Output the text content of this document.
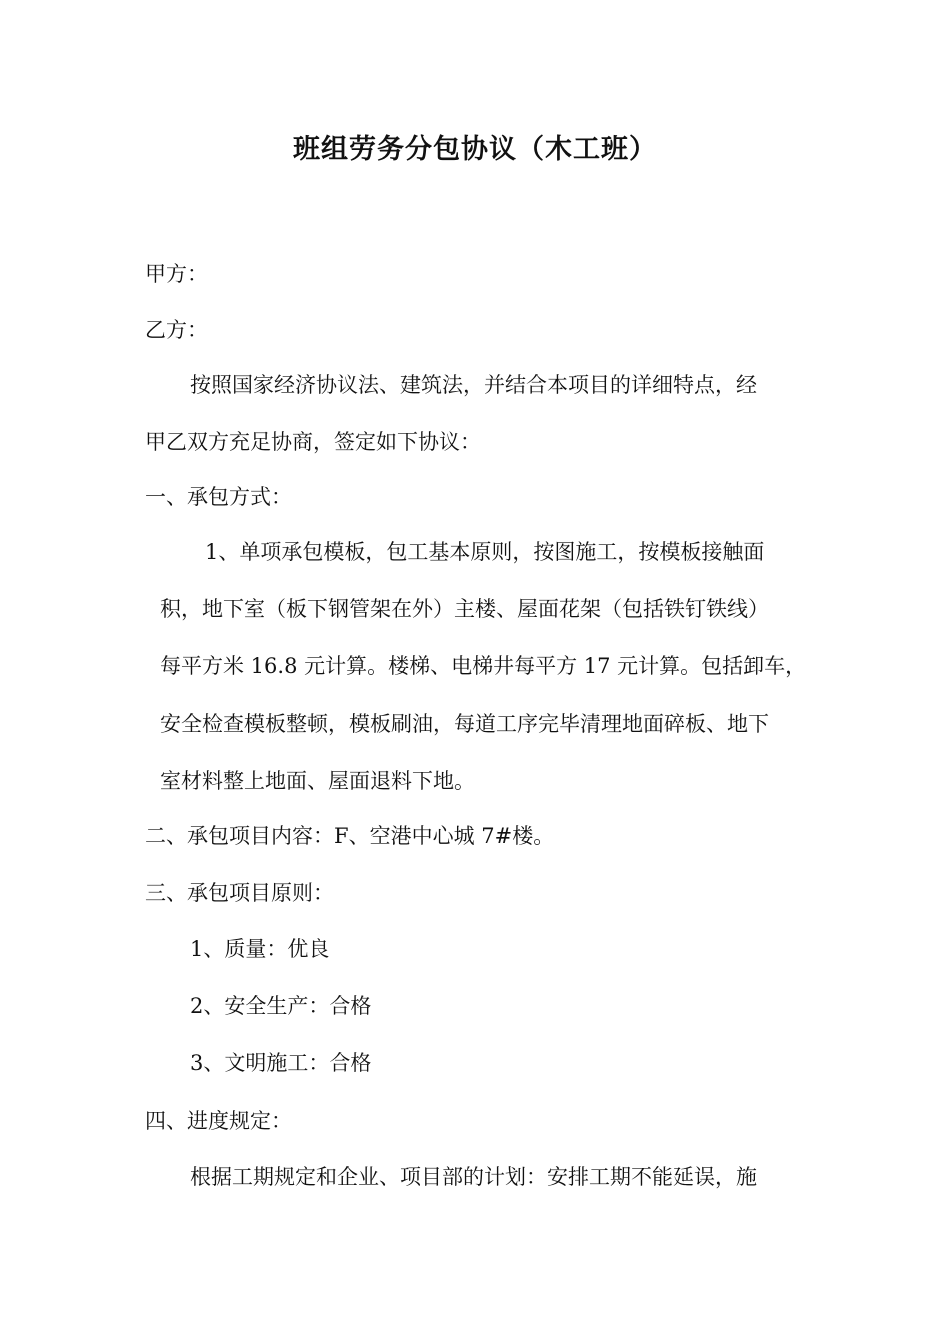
班组劳务分包协议（木工班）
甲方：
乙方：
按照国家经济协议法、建筑法，并结合本项目的详细特点，经
甲乙双方充足协商，签定如下协议：
一、承包方式：
1、单项承包模板，包工基本原则，按图施工，按模板接触面
积，地下室（板下钢管架在外）主楼、屋面花架（包括铁钉铁线）
每平方米 16.8 元计算。楼梯、电梯井每平方 17 元计算。包括卸车，
安全检查模板整顿，模板刷油，每道工序完毕清理地面碎板、地下
室材料整上地面、屋面退料下地。
二、承包项目内容：F、空港中心城 7#楼。
三、承包项目原则：
1、质量：优良
2、安全生产：合格
3、文明施工：合格
四、进度规定：
根据工期规定和企业、项目部的计划：安排工期不能延误，施
